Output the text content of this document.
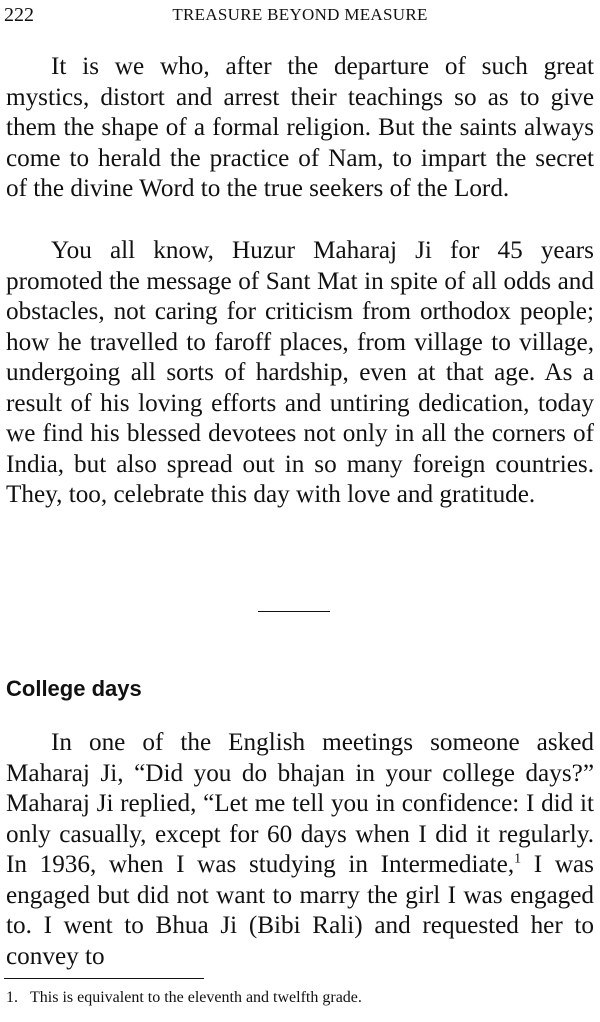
222	TREASURE BEYOND MEASURE

It is we who, after the departure of such great mystics, distort and arrest their teachings so as to give them the shape of a formal religion. But the saints always come to herald the practice of Nam, to impart the secret of the divine Word to the true seekers of the Lord.

You all know, Huzur Maharaj Ji for 45 years promoted the message of Sant Mat in spite of all odds and obstacles, not caring for criticism from orthodox people; how he travelled to faroff places, from village to village, undergoing all sorts of hardship, even at that age. As a result of his loving efforts and untiring dedication, today we find his blessed devotees not only in all the corners of India, but also spread out in so many foreign countries. They, too, celebrate this day with love and gratitude.

College days

In one of the English meetings someone asked Maharaj Ji, “Did you do bhajan in your college days?” Maharaj Ji replied, “Let me tell you in confidence: I did it only casually, except for 60 days when I did it regularly. In 1936, when I was studying in Intermediate,$^1$ I was engaged but did not want to marry the girl I was engaged to. I went to Bhua Ji (Bibi Rali) and requested her to convey to

1. This is equivalent to the eleventh and twelfth grade.
